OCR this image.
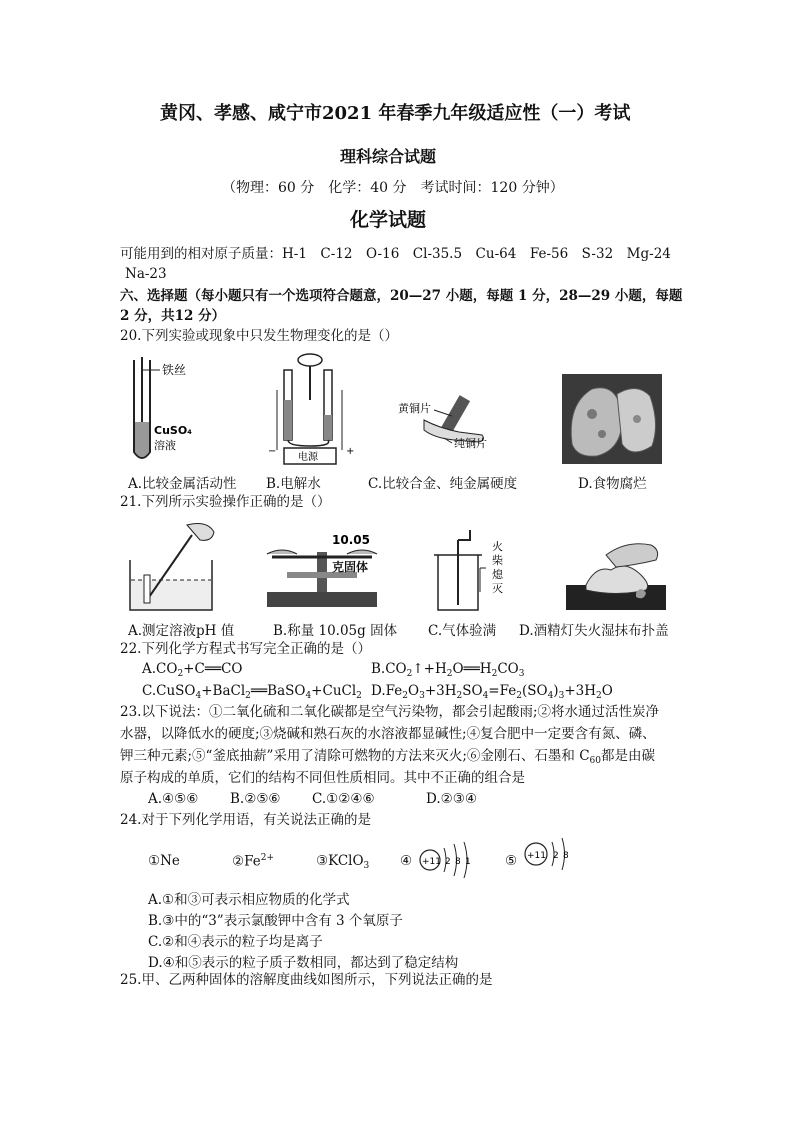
黄冈、孝感、咸宁市2021 年春季九年级适应性（一）考试
理科综合试题
（物理：60 分　化学：40 分　考试时间：120 分钟）
化学试题
可能用到的相对原子质量：H-1　C-12　O-16　Cl-35.5　Cu-64　Fe-56　S-32　Mg-24
Na-23
六、选择题（每小题只有一个选项符合题意，20—27 小题，每题 1 分，28—29 小题，每题
2 分，共12 分）
20.下列实验或现象中只发生物理变化的是（）
铁丝
CuSO₄
溶液
电源
−	+
黄铜片
纯铜片
A.比较金属活动性 B.电解水	C.比较合金、纯金属硬度	D.食物腐烂
21.下列所示实验操作正确的是（）
10.05
克固体
火
柴
熄
灭
A.测定溶液pH 值	B.称量 10.05g 固体 C.气体验满 D.酒精灯失火湿抹布扑盖
22.下列化学方程式书写完全正确的是（）
$A.CO_2+C══CO$	$B.CO_2↑+H_2O══H_2CO_3$
C.CuSO$_4$+BaCl$_2$══BaSO$_4$+CuCl$_2$ $D.Fe_2O_3+3H_2SO_4=Fe_2(SO_4)_3+3H_2O$
23.以下说法：①二氧化硫和二氧化碳都是空气污染物，都会引起酸雨;②将水通过活性炭净
水器，以降低水的硬度;③烧碱和熟石灰的水溶液都显碱性;④复合肥中一定要含有氮、磷、
钾三种元素;⑤“釜底抽薪”采用了清除可燃物的方法来灭火;⑥金刚石、石墨和 $C_{60}$都是由碳
原子构成的单质，它们的结构不同但性质相同。其中不正确的组合是
A.④⑤⑥ B.②⑤⑥ C.①②④⑥	D.②③④
24.对于下列化学用语，有关说法正确的是
①Ne	$②Fe^{2+}$	③KClO$_3$ ④	⑤
+11 2 8 1
+11 2 8
A.①和③可表示相应物质的化学式
B.③中的“3”表示氯酸钾中含有 3 个氧原子
C.②和④表示的粒子均是离子
D.④和⑤表示的粒子质子数相同，都达到了稳定结构
25.甲、乙两种固体的溶解度曲线如图所示，下列说法正确的是
